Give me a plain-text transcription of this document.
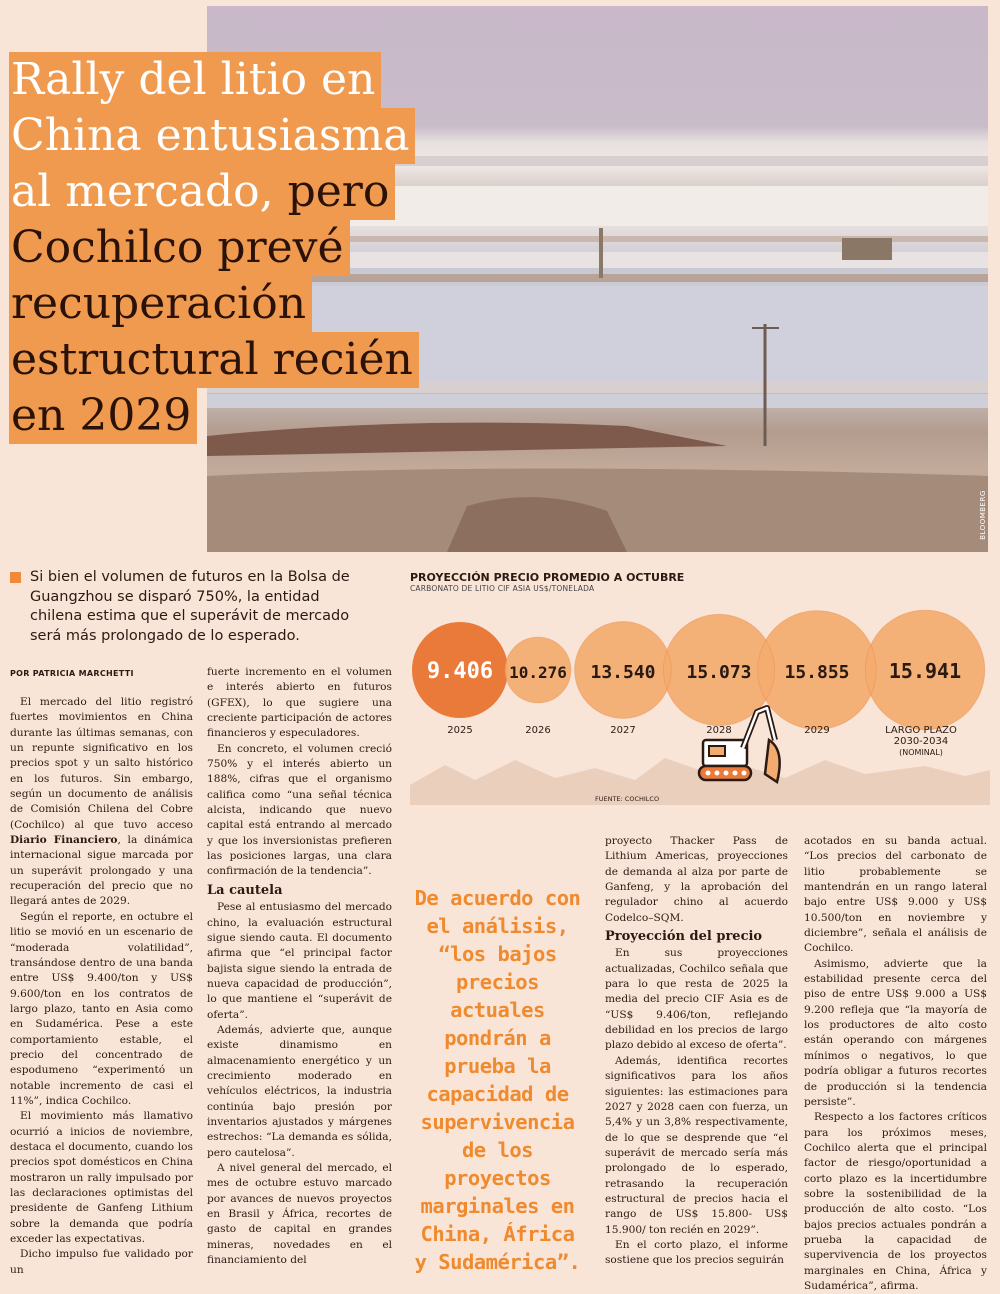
BLOOMBERG
Rally del litio en
China entusiasma
al mercado, pero
Cochilco prevé
recuperación
estructural recién
en 2029

Si bien el volumen de futuros en la Bolsa de Guangzhou se disparó 750%, la entidad chilena estima que el superávit de mercado será más prolongado de lo esperado.
POR PATRICIA MARCHETTI

El mercado del litio registró fuertes movimientos en China durante las últimas semanas, con un repunte significativo en los precios spot y un salto histórico en los futuros. Sin embargo, según un documento de análisis de Comisión Chilena del Cobre (Cochilco) al que tuvo acceso Diario Financiero, la dinámica internacional sigue marcada por un superávit prolongado y una recuperación del precio que no llegará antes de 2029.

Según el reporte, en octubre el litio se movió en un escenario de “moderada volatilidad”, transándose dentro de una banda entre US$ 9.400/ton y US$ 9.600/ton en los contratos de largo plazo, tanto en Asia como en Sudamérica. Pese a este comportamiento estable, el precio del concentrado de espodumeno “experimentó un notable incremento de casi el 11%”, indica Cochilco.

El movimiento más llamativo ocurrió a inicios de noviembre, destaca el documento, cuando los precios spot domésticos en China mostraron un rally impulsado por las declaraciones optimistas del presidente de Ganfeng Lithium sobre la demanda que podría exceder las expectativas.

Dicho impulso fue validado por un

fuerte incremento en el volumen e interés abierto en futuros (GFEX), lo que sugiere una creciente participación de actores financieros y especuladores.

En concreto, el volumen creció 750% y el interés abierto un 188%, cifras que el organismo califica como “una señal técnica alcista, indicando que nuevo capital está entrando al mercado y que los inversionistas prefieren las posiciones largas, una clara confirmación de la tendencia”.

La cautela

Pese al entusiasmo del mercado chino, la evaluación estructural sigue siendo cauta. El documento afirma que “el principal factor bajista sigue siendo la entrada de nueva capacidad de producción”, lo que mantiene el “superávit de oferta”.

Además, advierte que, aunque existe dinamismo en almacenamiento energético y un crecimiento moderado en vehículos eléctricos, la industria continúa bajo presión por inventarios ajustados y márgenes estrechos: “La demanda es sólida, pero cautelosa”.

A nivel general del mercado, el mes de octubre estuvo marcado por avances de nuevos proyectos en Brasil y África, recortes de gasto de capital en grandes mineras, novedades en el financiamiento del

proyecto Thacker Pass de Lithium Americas, proyecciones de demanda al alza por parte de Ganfeng, y la aprobación del regulador chino al acuerdo Codelco–SQM.

Proyección del precio

En sus proyecciones actualizadas, Cochilco señala que para lo que resta de 2025 la media del precio CIF Asia es de “US$ 9.406/ton, reflejando debilidad en los precios de largo plazo debido al exceso de oferta”.

Además, identifica recortes significativos para los años siguientes: las estimaciones para 2027 y 2028 caen con fuerza, un 5,4% y un 3,8% respectivamente, de lo que se desprende que “el superávit de mercado sería más prolongado de lo esperado, retrasando la recuperación estructural de precios hacia el rango de US$ 15.800- US$ 15.900/ ton recién en 2029”.

En el corto plazo, el informe sostiene que los precios seguirán

acotados en su banda actual. “Los precios del carbonato de litio probablemente se mantendrán en un rango lateral bajo entre US$ 9.000 y US$ 10.500/ton en noviembre y diciembre”, señala el análisis de Cochilco.

Asimismo, advierte que la estabilidad presente cerca del piso de entre US$ 9.000 a US$ 9.200 refleja que “la mayoría de los productores de alto costo están operando con márgenes mínimos o negativos, lo que podría obligar a futuros recortes de producción si la tendencia persiste”.

Respecto a los factores críticos para los próximos meses, Cochilco alerta que el principal factor de riesgo/oportunidad a corto plazo es la incertidumbre sobre la sostenibilidad de la producción de alto costo. “Los bajos precios actuales pondrán a prueba la capacidad de supervivencia de los proyectos marginales en China, África y Sudamérica”, afirma.

De acuerdo con el análisis, “los bajos precios actuales pondrán a prueba la capacidad de supervivencia de los proyectos marginales en China, África y Sudamérica”.
PROYECCIÓN PRECIO PROMEDIO A OCTUBRE
CARBONATO DE LITIO CIF ASIA US$/TONELADA
9.406
2025
10.276
2026
13.540
2027
15.073
2028
15.855
2029
15.941
LARGO PLAZO
2030-2034
(NOMINAL)
FUENTE: COCHILCO
